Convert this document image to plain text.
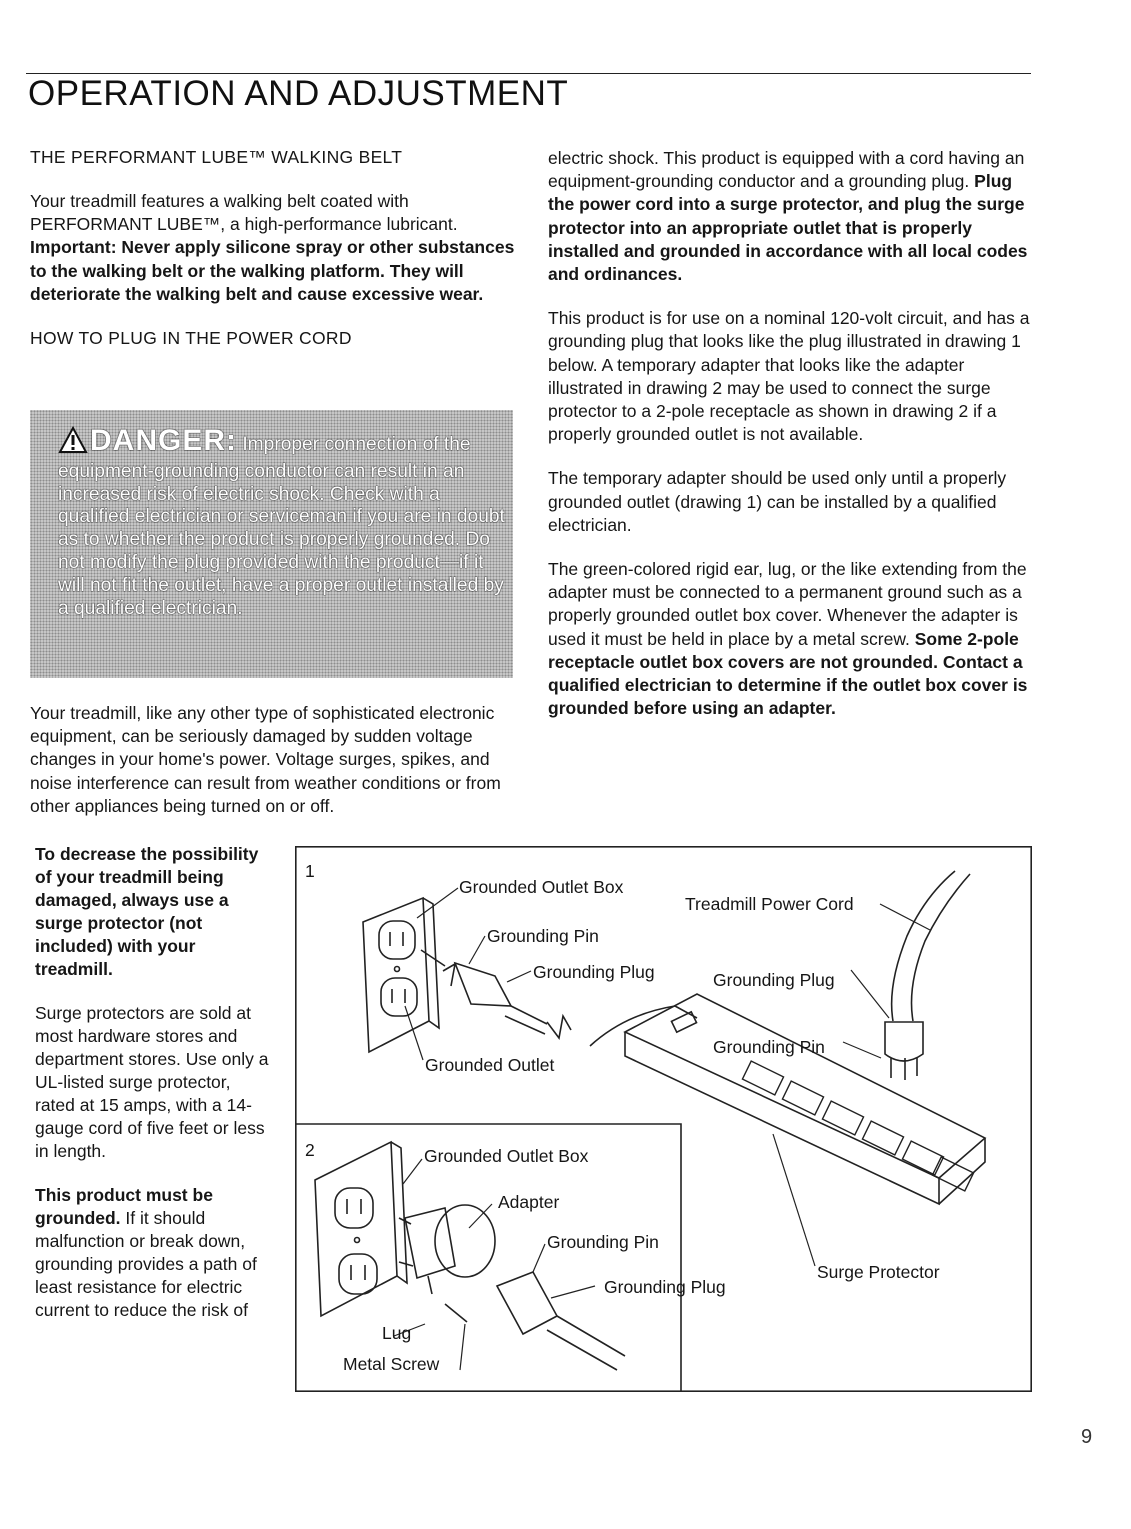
OPERATION AND ADJUSTMENT
THE PERFORMANT LUBE™ WALKING BELT

Your treadmill features a walking belt coated with PERFORMANT LUBE™, a high-performance lubricant. Important: Never apply silicone spray or other substances to the walking belt or the walking platform. They will deteriorate the walking belt and cause excessive wear.

HOW TO PLUG IN THE POWER CORD

DANGER: Improper connection of the equipment-grounding conductor can result in an increased risk of electric shock. Check with a qualified electrician or serviceman if you are in doubt as to whether the product is properly grounded. Do not modify the plug provided with the product—if it will not fit the outlet, have a proper outlet installed by a qualified electrician.

Your treadmill, like any other type of sophisticated electronic equipment, can be seriously damaged by sudden voltage changes in your home's power. Voltage surges, spikes, and noise interference can result from weather conditions or from other appliances being turned on or off.

To decrease the possibility of your treadmill being damaged, always use a surge protector (not included) with your treadmill.

Surge protectors are sold at most hardware stores and department stores. Use only a UL-listed surge protector, rated at 15 amps, with a 14-gauge cord of five feet or less in length.

This product must be grounded. If it should malfunction or break down, grounding provides a path of least resistance for electric current to reduce the risk of

electric shock. This product is equipped with a cord having an equipment-grounding conductor and a grounding plug. Plug the power cord into a surge protector, and plug the surge protector into an appropriate outlet that is properly installed and grounded in accordance with all local codes and ordinances.

This product is for use on a nominal 120-volt circuit, and has a grounding plug that looks like the plug illustrated in drawing 1 below. A temporary adapter that looks like the adapter illustrated in drawing 2 may be used to connect the surge protector to a 2-pole receptacle as shown in drawing 2 if a properly grounded outlet is not available.

The temporary adapter should be used only until a properly grounded outlet (drawing 1) can be installed by a qualified electrician.

The green-colored rigid ear, lug, or the like extending from the adapter must be connected to a permanent ground such as a properly grounded outlet box cover. Whenever the adapter is used it must be held in place by a metal screw. Some 2-pole receptacle outlet box covers are not grounded. Contact a qualified electrician to determine if the outlet box cover is grounded before using an adapter.

1
2
Grounded Outlet Box
Grounding Pin
Grounding Plug
Grounded Outlet
Treadmill Power Cord
Grounding Plug
Grounding Pin
Surge Protector
Grounded Outlet Box
Adapter
Grounding Pin
Grounding Plug
Lug
Metal Screw
9
